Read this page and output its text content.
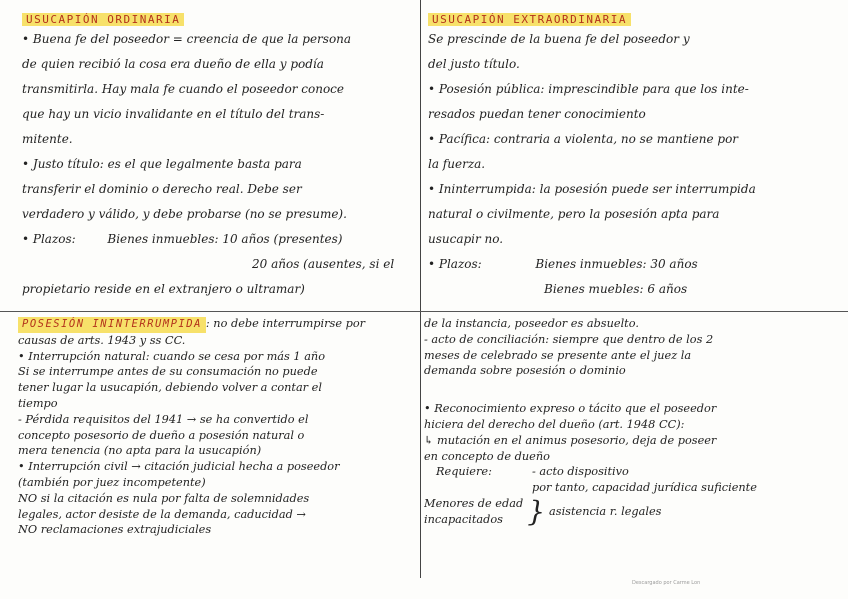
USUCAPIÓN ORDINARIA
• Buena fe del poseedor = creencia de que la persona
de quien recibió la cosa era dueño de ella y podía
transmitirla. Hay mala fe cuando el poseedor conoce
que hay un vicio invalidante en el título del trans-
mitente.
• Justo título: es el que legalmente basta para
transferir el dominio o derecho real. Debe ser
verdadero y válido, y debe probarse (no se presume).
• Plazos:	Bienes inmuebles: 10 años (presentes)
20 años (ausentes, si el
propietario reside en el extranjero o ultramar)
USUCAPIÓN EXTRAORDINARIA
Se prescinde de la buena fe del poseedor y
del justo título.
• Posesión pública: imprescindible para que los inte-
resados puedan tener conocimiento
• Pacífica: contraria a violenta, no se mantiene por
la fuerza.
• Ininterrumpida: la posesión puede ser interrumpida
natural o civilmente, pero la posesión apta para
usucapir no.
• Plazos:	Bienes inmuebles: 30 años
Bienes muebles: 6 años
POSESIÓN ININTERRUMPIDA : no debe interrumpirse por
causas de arts. 1943 y ss CC.
• Interrupción natural: cuando se cesa por más 1 año
Si se interrumpe antes de su consumación no puede
tener lugar la usucapión, debiendo volver a contar el
tiempo
- Pérdida requisitos del 1941 → se ha convertido el
concepto posesorio de dueño a posesión natural o
mera tenencia (no apta para la usucapión)
• Interrupción civil → citación judicial hecha a poseedor
(también por juez incompetente)
NO si la citación es nula por falta de solemnidades
legales, actor desiste de la demanda, caducidad →
NO reclamaciones extrajudiciales
de la instancia, poseedor es absuelto.
- acto de conciliación: siempre que dentro de los 2
meses de celebrado se presente ante el juez la
demanda sobre posesión o dominio
• Reconocimiento expreso o tácito que el poseedor
hiciera del derecho del dueño (art. 1948 CC):
↳ mutación en el animus posesorio, deja de poseer
en concepto de dueño
Requiere:	- acto dispositivo
por tanto, capacidad jurídica suficiente
Menores de edad
incapacitados } asistencia r. legales
Descargado por Carme Lon
